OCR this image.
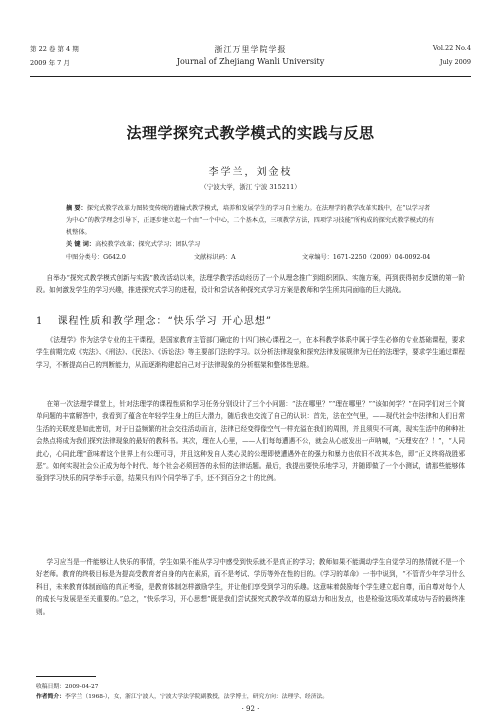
第 22 卷 第 4 期
2009 年 7 月
浙江万里学院学报
Journal of Zhejiang Wanli University
Vol.22 No.4
July 2009
法理学探究式教学模式的实践与反思
李学兰，刘金枝
（宁波大学，浙江 宁波 315211）
摘 要：探究式教学改革力图转变传统的灌输式教学模式，培养和发展学生的学习自主能力。在法理学的教学改革实践中，在“以学习者为中心”的教学理念引导下，正逐步建立起一个由“一个中心，二个基本点，三项教学方法，四项学习技能”所构成的探究式教学模式的有机整体。
关 键 词：高校教学改革；探究式学习；团队学习
中图分类号：G642.0	文献标识码：A	文章编号：1671-2250（2009）04-0092-04
自举办“探究式教学模式创新与实践”教改活动以来，法理学教学活动经历了一个从理念推广到组织团队、实施方案，再到获得初步反馈的第一阶段。如何激发学生的学习兴趣，推进探究式学习的进程，设计和尝试各种探究式学习方案是教师和学生所共同面临的巨大挑战。
1 课程性质和教学理念：“快乐学习 开心思想”
《法理学》作为法学专业的主干课程，是国家教育主管部门确定的十四门核心课程之一，在本科教学体系中属于学生必修的专业基础课程，要求学生前期完成《宪法》、《刑法》、《民法》、《诉讼法》等主要部门法的学习。以分析法律现象和探究法律发展规律为已任的法理学，要求学生通过课程学习，不断提高自己的判断能力，从而逐渐构建起自己对于法律现象的分析框架和整体性思维。
在第一次法理学课堂上，针对法理学的课程性质和学习任务分别设计了三个小问题：“法在哪里？”“理在哪里？”“该如何学？”在同学们对三个简单问题的丰富解答中，我看到了蕴含在年轻学生身上的巨大潜力，随后我也交流了自己的认识：首先，法在空气里，——现代社会中法律和人们日常生活的关联度是如此密切，对于日益频繁的社会交往活动而言，法律已经变得像空气一样充溢在我们的周围，并且须臾不可离，现实生活中的种种社会热点将成为我们探究法律现象的最好的教科书。其次，理在人心里，——人们每每遭遇不公，就会从心底发出一声呐喊，“天理安在？！”，“人同此心，心同此理”意味着这个世界上有公理可寻，并且这种发自人类心灵的公理即使遭遇外在的强力和暴力也依旧不改其本色，即“正义终将战胜邪恶”。如何实现社会公正成为每个时代、每个社会必须回答的永恒的法律话题。最后，我提出要快乐地学习，并随即做了一个小测试，请那些能够体验到学习快乐的同学举手示意，结果只有四个同学举了手，还不到百分之十的比例。
学习应当是一件能够让人快乐的事情，学生如果不能从学习中感受到快乐就不是真正的学习；教师如果不能调动学生自觉学习的热情就不是一个好老师。教育的终极目标是为提高受教育者自身的内在素质，而不是考试、学历等外在性的目的。《学习的革命》一书中说到，“不管青少年学习什么科目，未来教育体制面临的真正考验，是教育体制怎样激励学生，并让他们享受到学习的乐趣。这意味着鼓励每个学生建立起自尊，而自尊对每个人的成长与发展是至关重要的。”总之，“快乐学习，开心思想”既是我们尝试探究式教学改革的原动力和出发点，也是检验这项改革成功与否的最终准则。
收稿日期：2009-04-27
作者简介：李学兰（1968-），女，浙江宁波人，宁波大学法学院副教授，法学博士，研究方向：法理学、经济法。
· 92 ·
